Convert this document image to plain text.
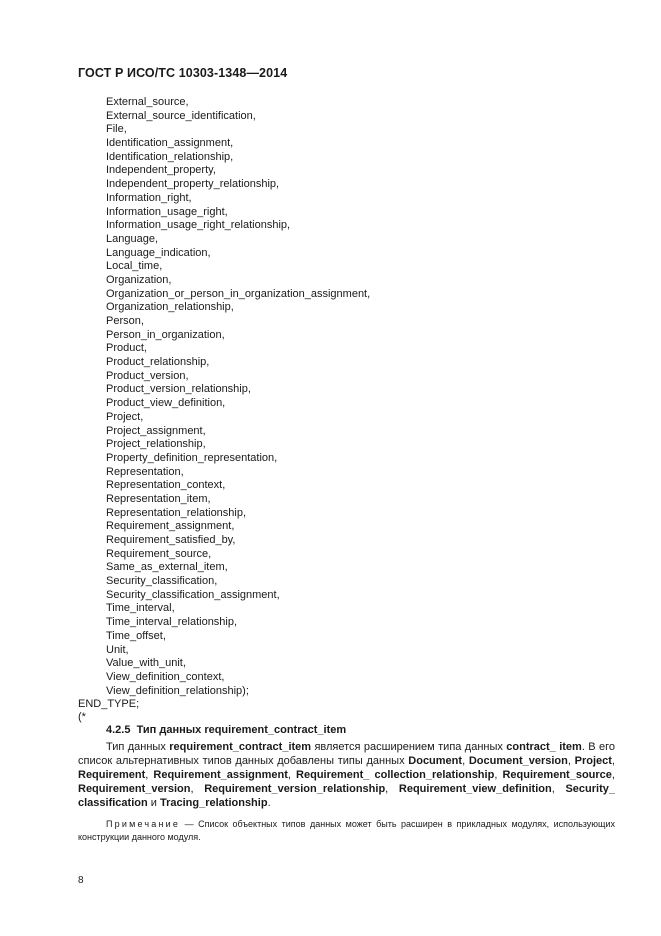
ГОСТ Р ИСО/ТС 10303-1348—2014
External_source,
External_source_identification,
File,
Identification_assignment,
Identification_relationship,
Independent_property,
Independent_property_relationship,
Information_right,
Information_usage_right,
Information_usage_right_relationship,
Language,
Language_indication,
Local_time,
Organization,
Organization_or_person_in_organization_assignment,
Organization_relationship,
Person,
Person_in_organization,
Product,
Product_relationship,
Product_version,
Product_version_relationship,
Product_view_definition,
Project,
Project_assignment,
Project_relationship,
Property_definition_representation,
Representation,
Representation_context,
Representation_item,
Representation_relationship,
Requirement_assignment,
Requirement_satisfied_by,
Requirement_source,
Same_as_external_item,
Security_classification,
Security_classification_assignment,
Time_interval,
Time_interval_relationship,
Time_offset,
Unit,
Value_with_unit,
View_definition_context,
View_definition_relationship);
END_TYPE;
(*
4.2.5 Тип данных requirement_contract_item

Тип данных requirement_contract_item является расширением типа данных contract_ item. В его список альтернативных типов данных добавлены типы данных Document, Document_version, Project, Requirement, Requirement_assignment, Requirement_ collection_relationship, Requirement_source, Requirement_version, Requirement_version_relationship, Requirement_view_definition, Security_ classification и Tracing_relationship.

Примечание — Список объектных типов данных может быть расширен в прикладных модулях, использующих конструкции данного модуля.

8
